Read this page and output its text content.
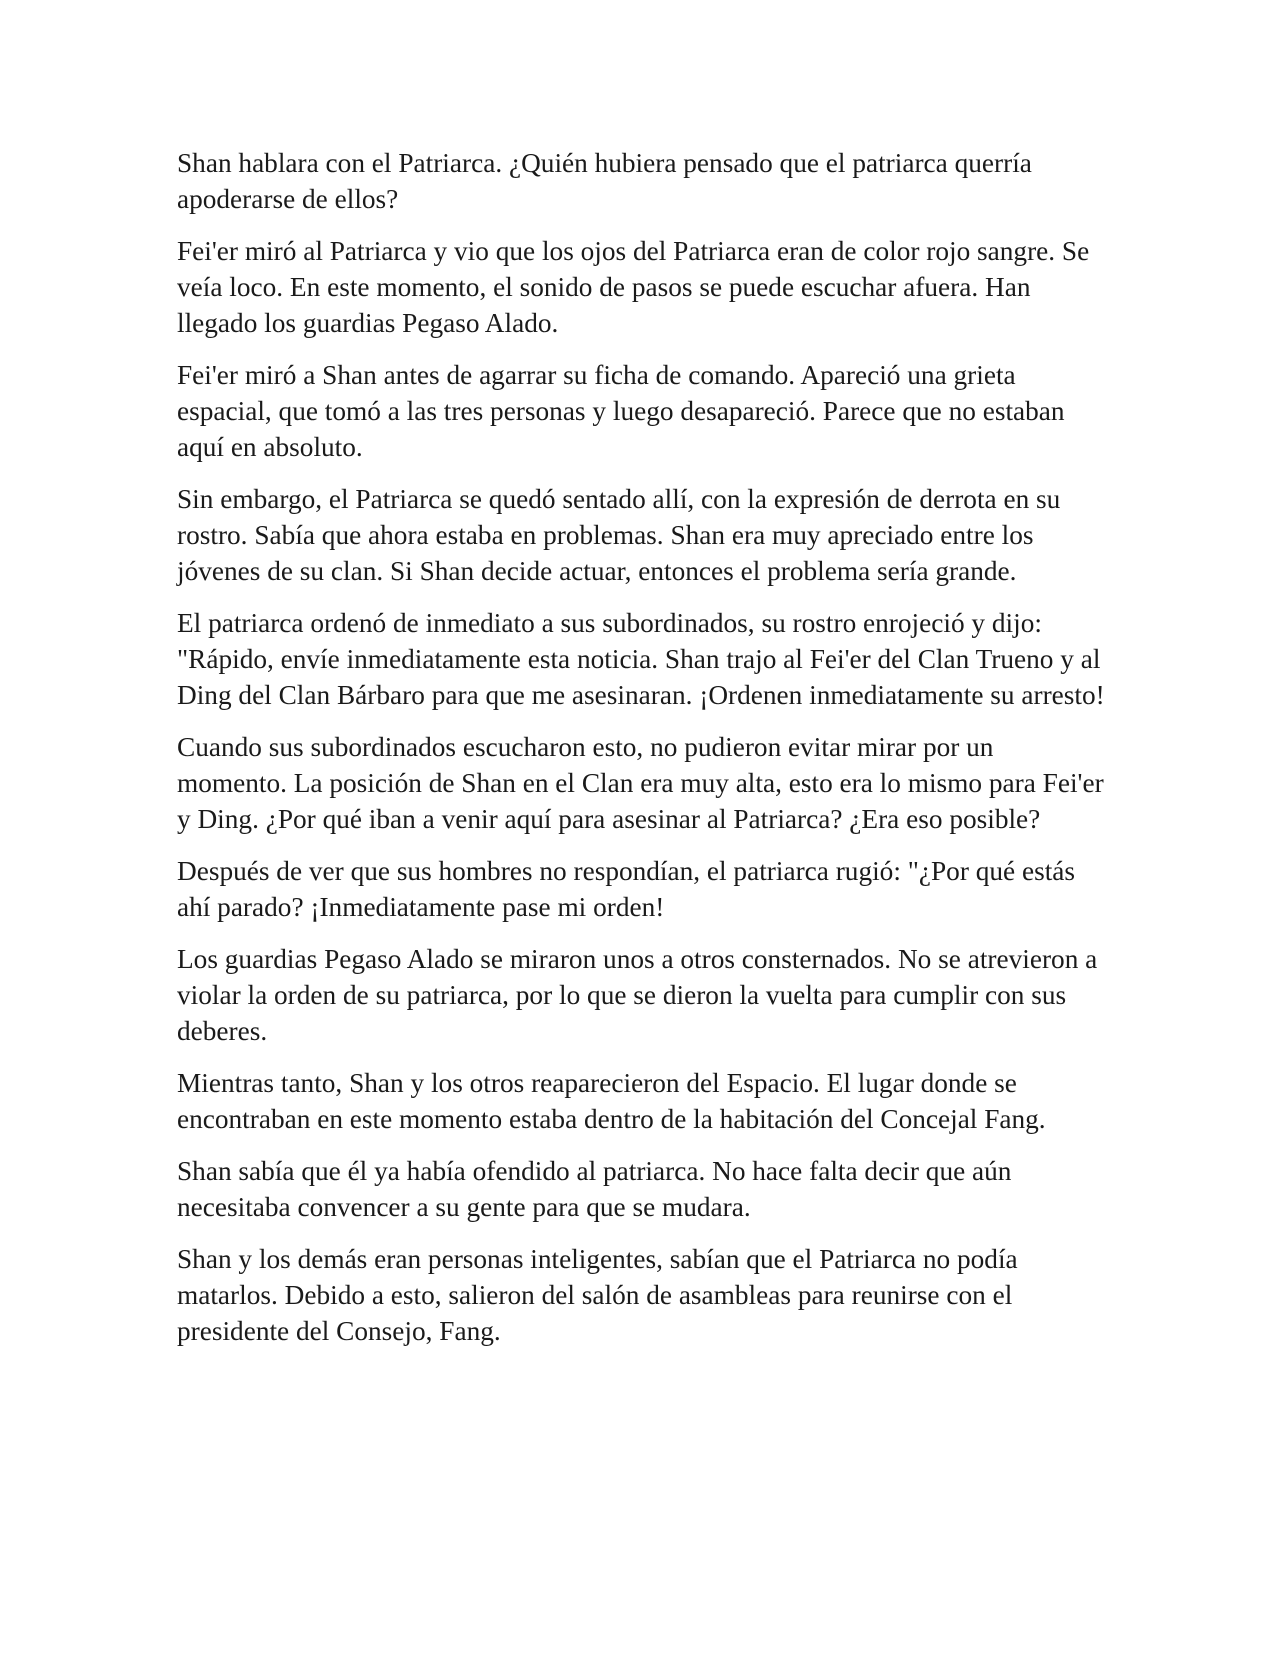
Shan hablara con el Patriarca. ¿Quién hubiera pensado que el patriarca querría apoderarse de ellos?

Fei'er miró al Patriarca y vio que los ojos del Patriarca eran de color rojo sangre. Se veía loco. En este momento, el sonido de pasos se puede escuchar afuera. Han llegado los guardias Pegaso Alado.

Fei'er miró a Shan antes de agarrar su ficha de comando. Apareció una grieta espacial, que tomó a las tres personas y luego desapareció. Parece que no estaban aquí en absoluto.

Sin embargo, el Patriarca se quedó sentado allí, con la expresión de derrota en su rostro. Sabía que ahora estaba en problemas. Shan era muy apreciado entre los jóvenes de su clan. Si Shan decide actuar, entonces el problema sería grande.

El patriarca ordenó de inmediato a sus subordinados, su rostro enrojeció y dijo: "Rápido, envíe inmediatamente esta noticia. Shan trajo al Fei'er del Clan Trueno y al Ding del Clan Bárbaro para que me asesinaran. ¡Ordenen inmediatamente su arresto!

Cuando sus subordinados escucharon esto, no pudieron evitar mirar por un momento. La posición de Shan en el Clan era muy alta, esto era lo mismo para Fei'er y Ding. ¿Por qué iban a venir aquí para asesinar al Patriarca? ¿Era eso posible?

Después de ver que sus hombres no respondían, el patriarca rugió: "¿Por qué estás ahí parado? ¡Inmediatamente pase mi orden!

Los guardias Pegaso Alado se miraron unos a otros consternados. No se atrevieron a violar la orden de su patriarca, por lo que se dieron la vuelta para cumplir con sus deberes.

Mientras tanto, Shan y los otros reaparecieron del Espacio. El lugar donde se encontraban en este momento estaba dentro de la habitación del Concejal Fang.

Shan sabía que él ya había ofendido al patriarca. No hace falta decir que aún necesitaba convencer a su gente para que se mudara.

Shan y los demás eran personas inteligentes, sabían que el Patriarca no podía matarlos. Debido a esto, salieron del salón de asambleas para reunirse con el presidente del Consejo, Fang.
